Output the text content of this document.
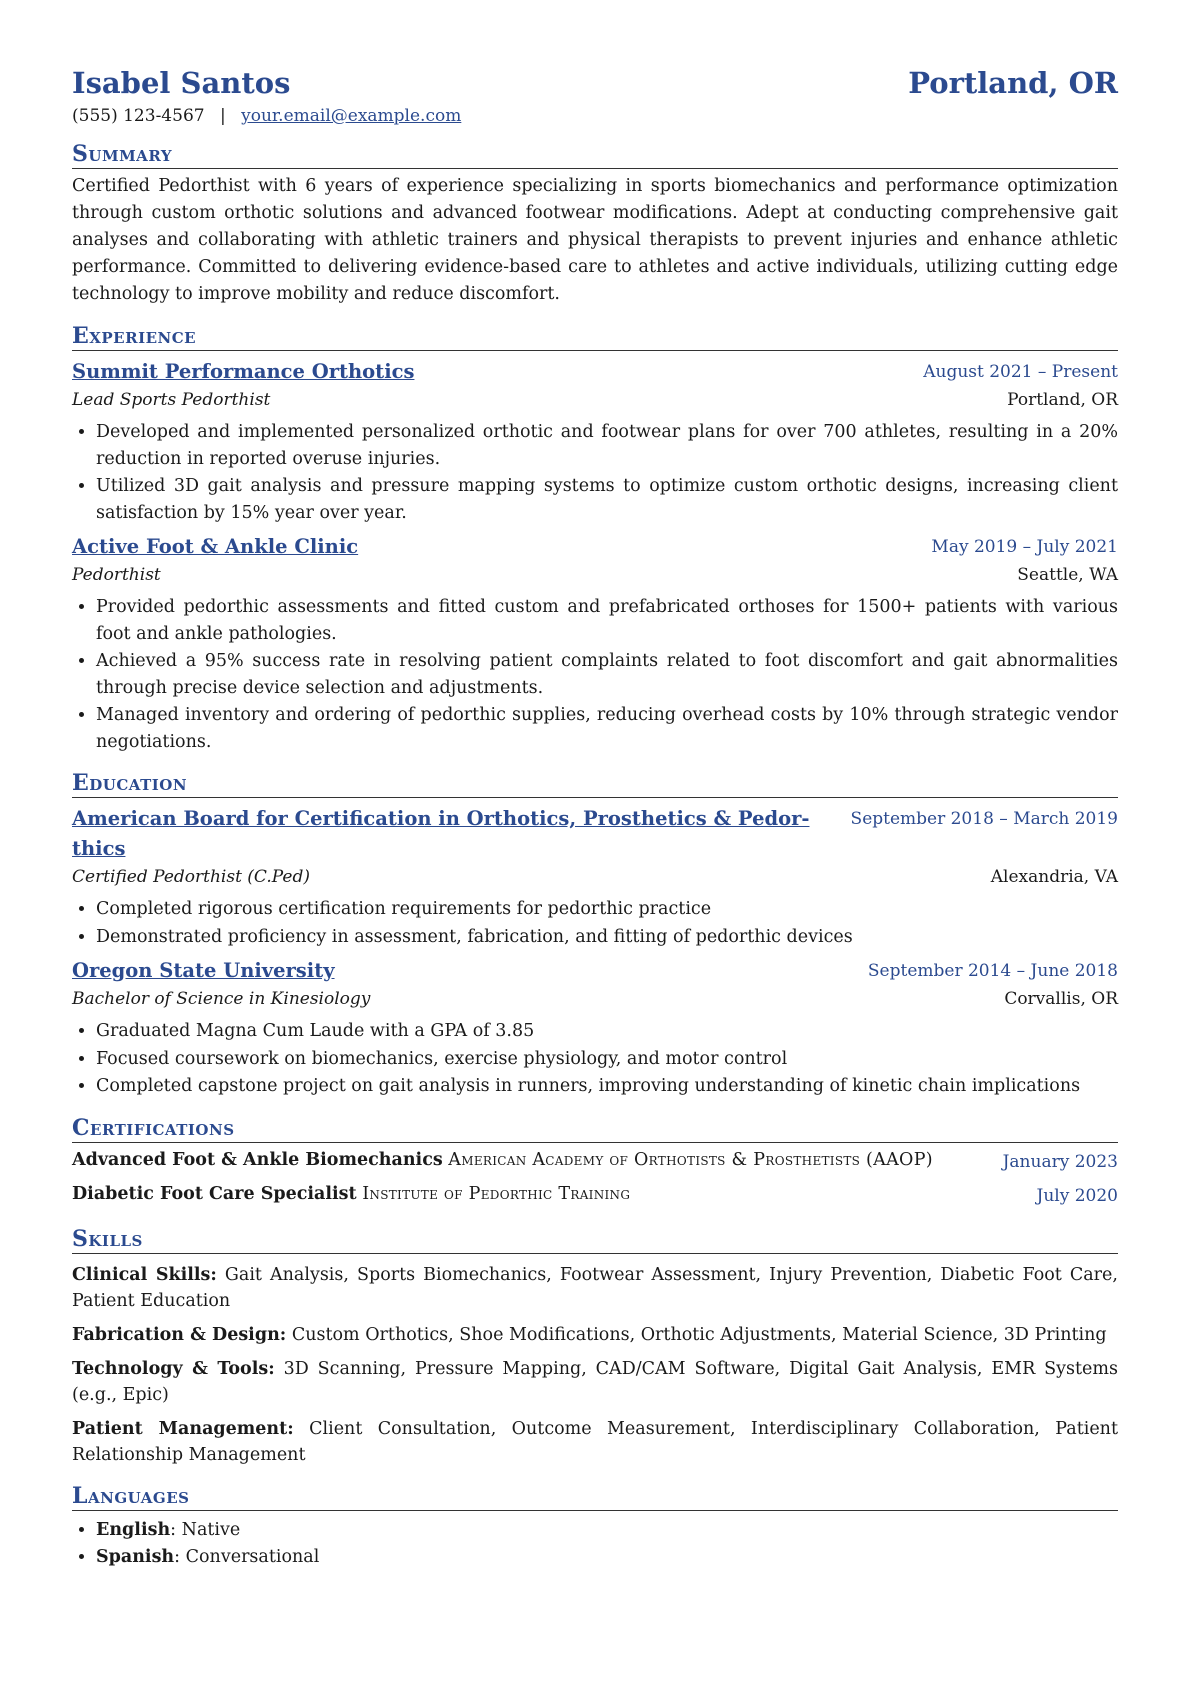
Isabel Santos	Portland, OR
(555) 123-4567 | your.email@example.com
Summary

Certified Pedorthist with 6 years of experience specializing in sports biomechanics and performance optimization through custom orthotic solutions and advanced footwear modifications. Adept at conducting comprehensive gait analyses and collaborating with athletic trainers and physical therapists to prevent injuries and enhance athletic performance. Committed to delivering evidence-based care to athletes and active individuals, utilizing cutting edge technology to improve mobility and reduce discomfort.

Experience
Summit Performance Orthotics	August 2021 – Present
Lead Sports Pedorthist	Portland, OR
• Developed and implemented personalized orthotic and footwear plans for over 700 athletes, resulting in a 20% reduction in reported overuse injuries.
• Utilized 3D gait analysis and pressure mapping systems to optimize custom orthotic designs, increasing client satisfaction by 15% year over year.
Active Foot & Ankle Clinic	May 2019 – July 2021
Pedorthist	Seattle, WA
• Provided pedorthic assessments and fitted custom and prefabricated orthoses for 1500+ patients with various foot and ankle pathologies.
• Achieved a 95% success rate in resolving patient complaints related to foot discomfort and gait abnormalities through precise device selection and adjustments.
• Managed inventory and ordering of pedorthic supplies, reducing overhead costs by 10% through strategic vendor negotiations.
Education
American Board for Certification in Orthotics, Prosthetics & Pedor-thics
September 2018 – March 2019
Certified Pedorthist (C.Ped)	Alexandria, VA
• Completed rigorous certification requirements for pedorthic practice
• Demonstrated proficiency in assessment, fabrication, and fitting of pedorthic devices
Oregon State University	September 2014 – June 2018
Bachelor of Science in Kinesiology	Corvallis, OR
• Graduated Magna Cum Laude with a GPA of 3.85
• Focused coursework on biomechanics, exercise physiology, and motor control
• Completed capstone project on gait analysis in runners, improving understanding of kinetic chain implications
Certifications
Advanced Foot & Ankle Biomechanics American Academy of Orthotists & Prosthetists (AAOP)	January 2023
Diabetic Foot Care Specialist Institute of Pedorthic Training	July 2020
Skills

Clinical Skills: Gait Analysis, Sports Biomechanics, Footwear Assessment, Injury Prevention, Diabetic Foot Care, Patient Education

Fabrication & Design: Custom Orthotics, Shoe Modifications, Orthotic Adjustments, Material Science, 3D Printing

Technology & Tools: 3D Scanning, Pressure Mapping, CAD/CAM Software, Digital Gait Analysis, EMR Systems (e.g., Epic)

Patient Management: Client Consultation, Outcome Measurement, Interdisciplinary Collaboration, Patient Relationship Management

Languages
• English: Native
• Spanish: Conversational
